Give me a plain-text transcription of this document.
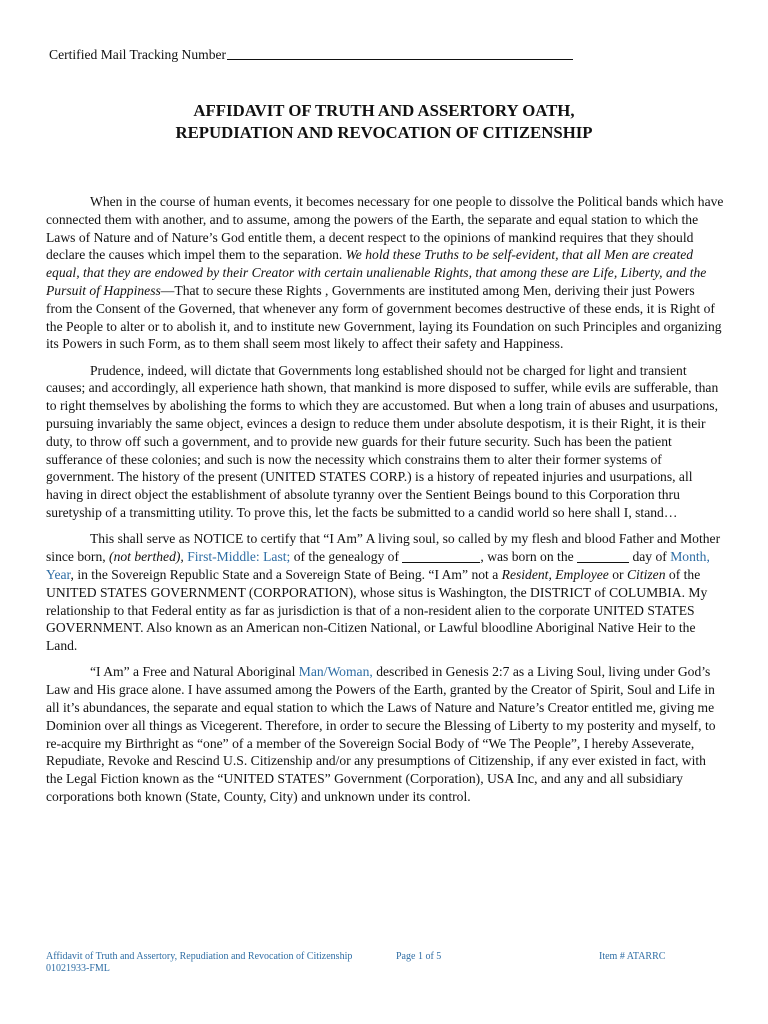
Certified Mail Tracking Number
AFFIDAVIT OF TRUTH AND ASSERTORY OATH,
REPUDIATION AND REVOCATION OF CITIZENSHIP

When in the course of human events, it becomes necessary for one people to dissolve the Political bands which have connected them with another, and to assume, among the powers of the Earth, the separate and equal station to which the Laws of Nature and of Nature’s God entitle them, a decent respect to the opinions of mankind requires that they should declare the causes which impel them to the separation. We hold these Truths to be self-evident, that all Men are created equal, that they are endowed by their Creator with certain unalienable Rights, that among these are Life, Liberty, and the Pursuit of Happiness—That to secure these Rights , Governments are instituted among Men, deriving their just Powers from the Consent of the Governed, that whenever any form of government becomes destructive of these ends, it is Right of the People to alter or to abolish it, and to institute new Government, laying its Foundation on such Principles and organizing its Powers in such Form, as to them shall seem most likely to affect their safety and Happiness.

Prudence, indeed, will dictate that Governments long established should not be charged for light and transient causes; and accordingly, all experience hath shown, that mankind is more disposed to suffer, while evils are sufferable, than to right themselves by abolishing the forms to which they are accustomed. But when a long train of abuses and usurpations, pursuing invariably the same object, evinces a design to reduce them under absolute despotism, it is their Right, it is their duty, to throw off such a government, and to provide new guards for their future security. Such has been the patient sufferance of these colonies; and such is now the necessity which constrains them to alter their former systems of government. The history of the present (UNITED STATES CORP.) is a history of repeated injuries and usurpations, all having in direct object the establishment of absolute tyranny over the Sentient Beings bound to this Corporation thru suretyship of a transmitting utility. To prove this, let the facts be submitted to a candid world so here shall I, stand…

This shall serve as NOTICE to certify that “I Am” A living soul, so called by my flesh and blood Father and Mother since born, (not berthed), First-Middle: Last; of the genealogy of	, was born on the	day of Month, Year, in the Sovereign Republic State and a Sovereign State of Being. “I Am” not a Resident, Employee or Citizen of the UNITED STATES GOVERNMENT (CORPORATION), whose situs is Washington, the DISTRICT of COLUMBIA. My relationship to that Federal entity as far as jurisdiction is that of a non-resident alien to the corporate UNITED STATES GOVERNMENT. Also known as an American non-Citizen National, or Lawful bloodline Aboriginal Native Heir to the Land.

“I Am” a Free and Natural Aboriginal Man/Woman, described in Genesis 2:7 as a Living Soul, living under God’s Law and His grace alone. I have assumed among the Powers of the Earth, granted by the Creator of Spirit, Soul and Life in all it’s abundances, the separate and equal station to which the Laws of Nature and Nature’s Creator entitled me, giving me Dominion over all things as Vicegerent. Therefore, in order to secure the Blessing of Liberty to my posterity and myself, to re-acquire my Birthright as “one” of a member of the Sovereign Social Body of “We The People”, I hereby Asseverate, Repudiate, Revoke and Rescind U.S. Citizenship and/or any presumptions of Citizenship, if any ever existed in fact, with the Legal Fiction known as the “UNITED STATES” Government (Corporation), USA Inc, and any and all subsidiary corporations both known (State, County, City) and unknown under its control.

Affidavit of Truth and Assertory, Repudiation and Revocation of Citizenship
01021933-FML
Page 1 of 5	Item # ATARRC
